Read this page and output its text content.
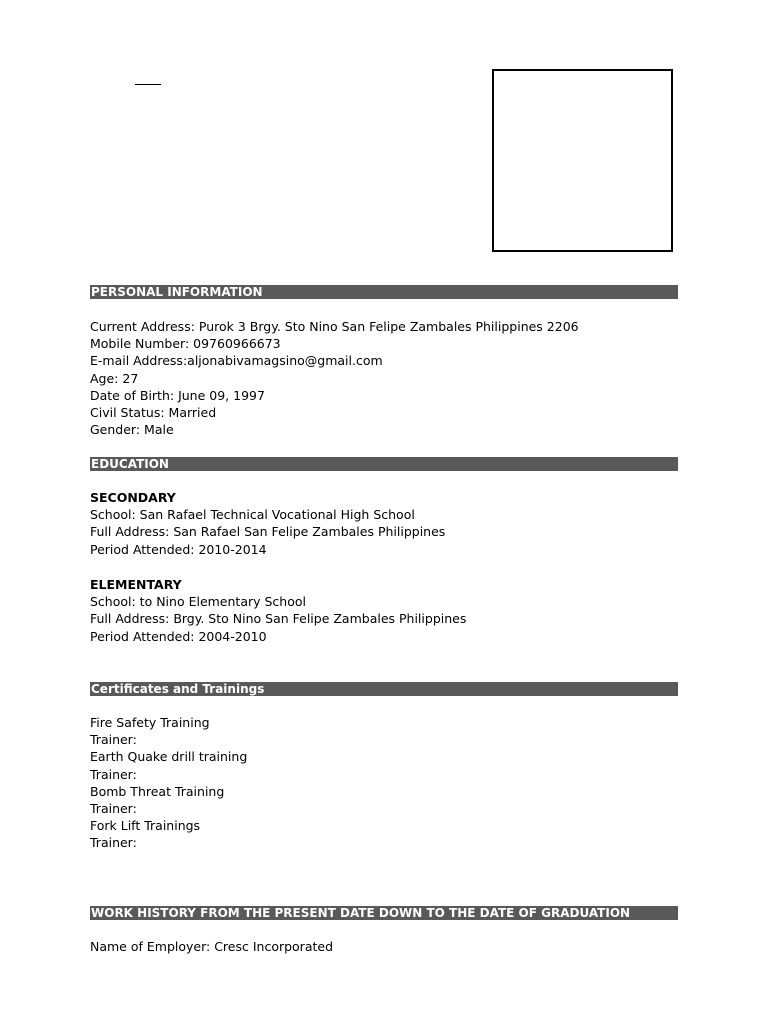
PERSONAL INFORMATION
Current Address: Purok 3 Brgy. Sto Nino San Felipe Zambales Philippines 2206
Mobile Number: 09760966673
E-mail Address:aljonabivamagsino@gmail.com
Age: 27
Date of Birth: June 09, 1997
Civil Status: Married
Gender: Male
EDUCATION
SECONDARY
School: San Rafael Technical Vocational High School
Full Address: San Rafael San Felipe Zambales Philippines
Period Attended: 2010-2014
ELEMENTARY
School: to Nino Elementary School
Full Address: Brgy. Sto Nino San Felipe Zambales Philippines
Period Attended: 2004-2010
Certificates and Trainings
Fire Safety Training
Trainer:
Earth Quake drill training
Trainer:
Bomb Threat Training
Trainer:
Fork Lift Trainings
Trainer:
WORK HISTORY FROM THE PRESENT DATE DOWN TO THE DATE OF GRADUATION
Name of Employer: Cresc Incorporated
